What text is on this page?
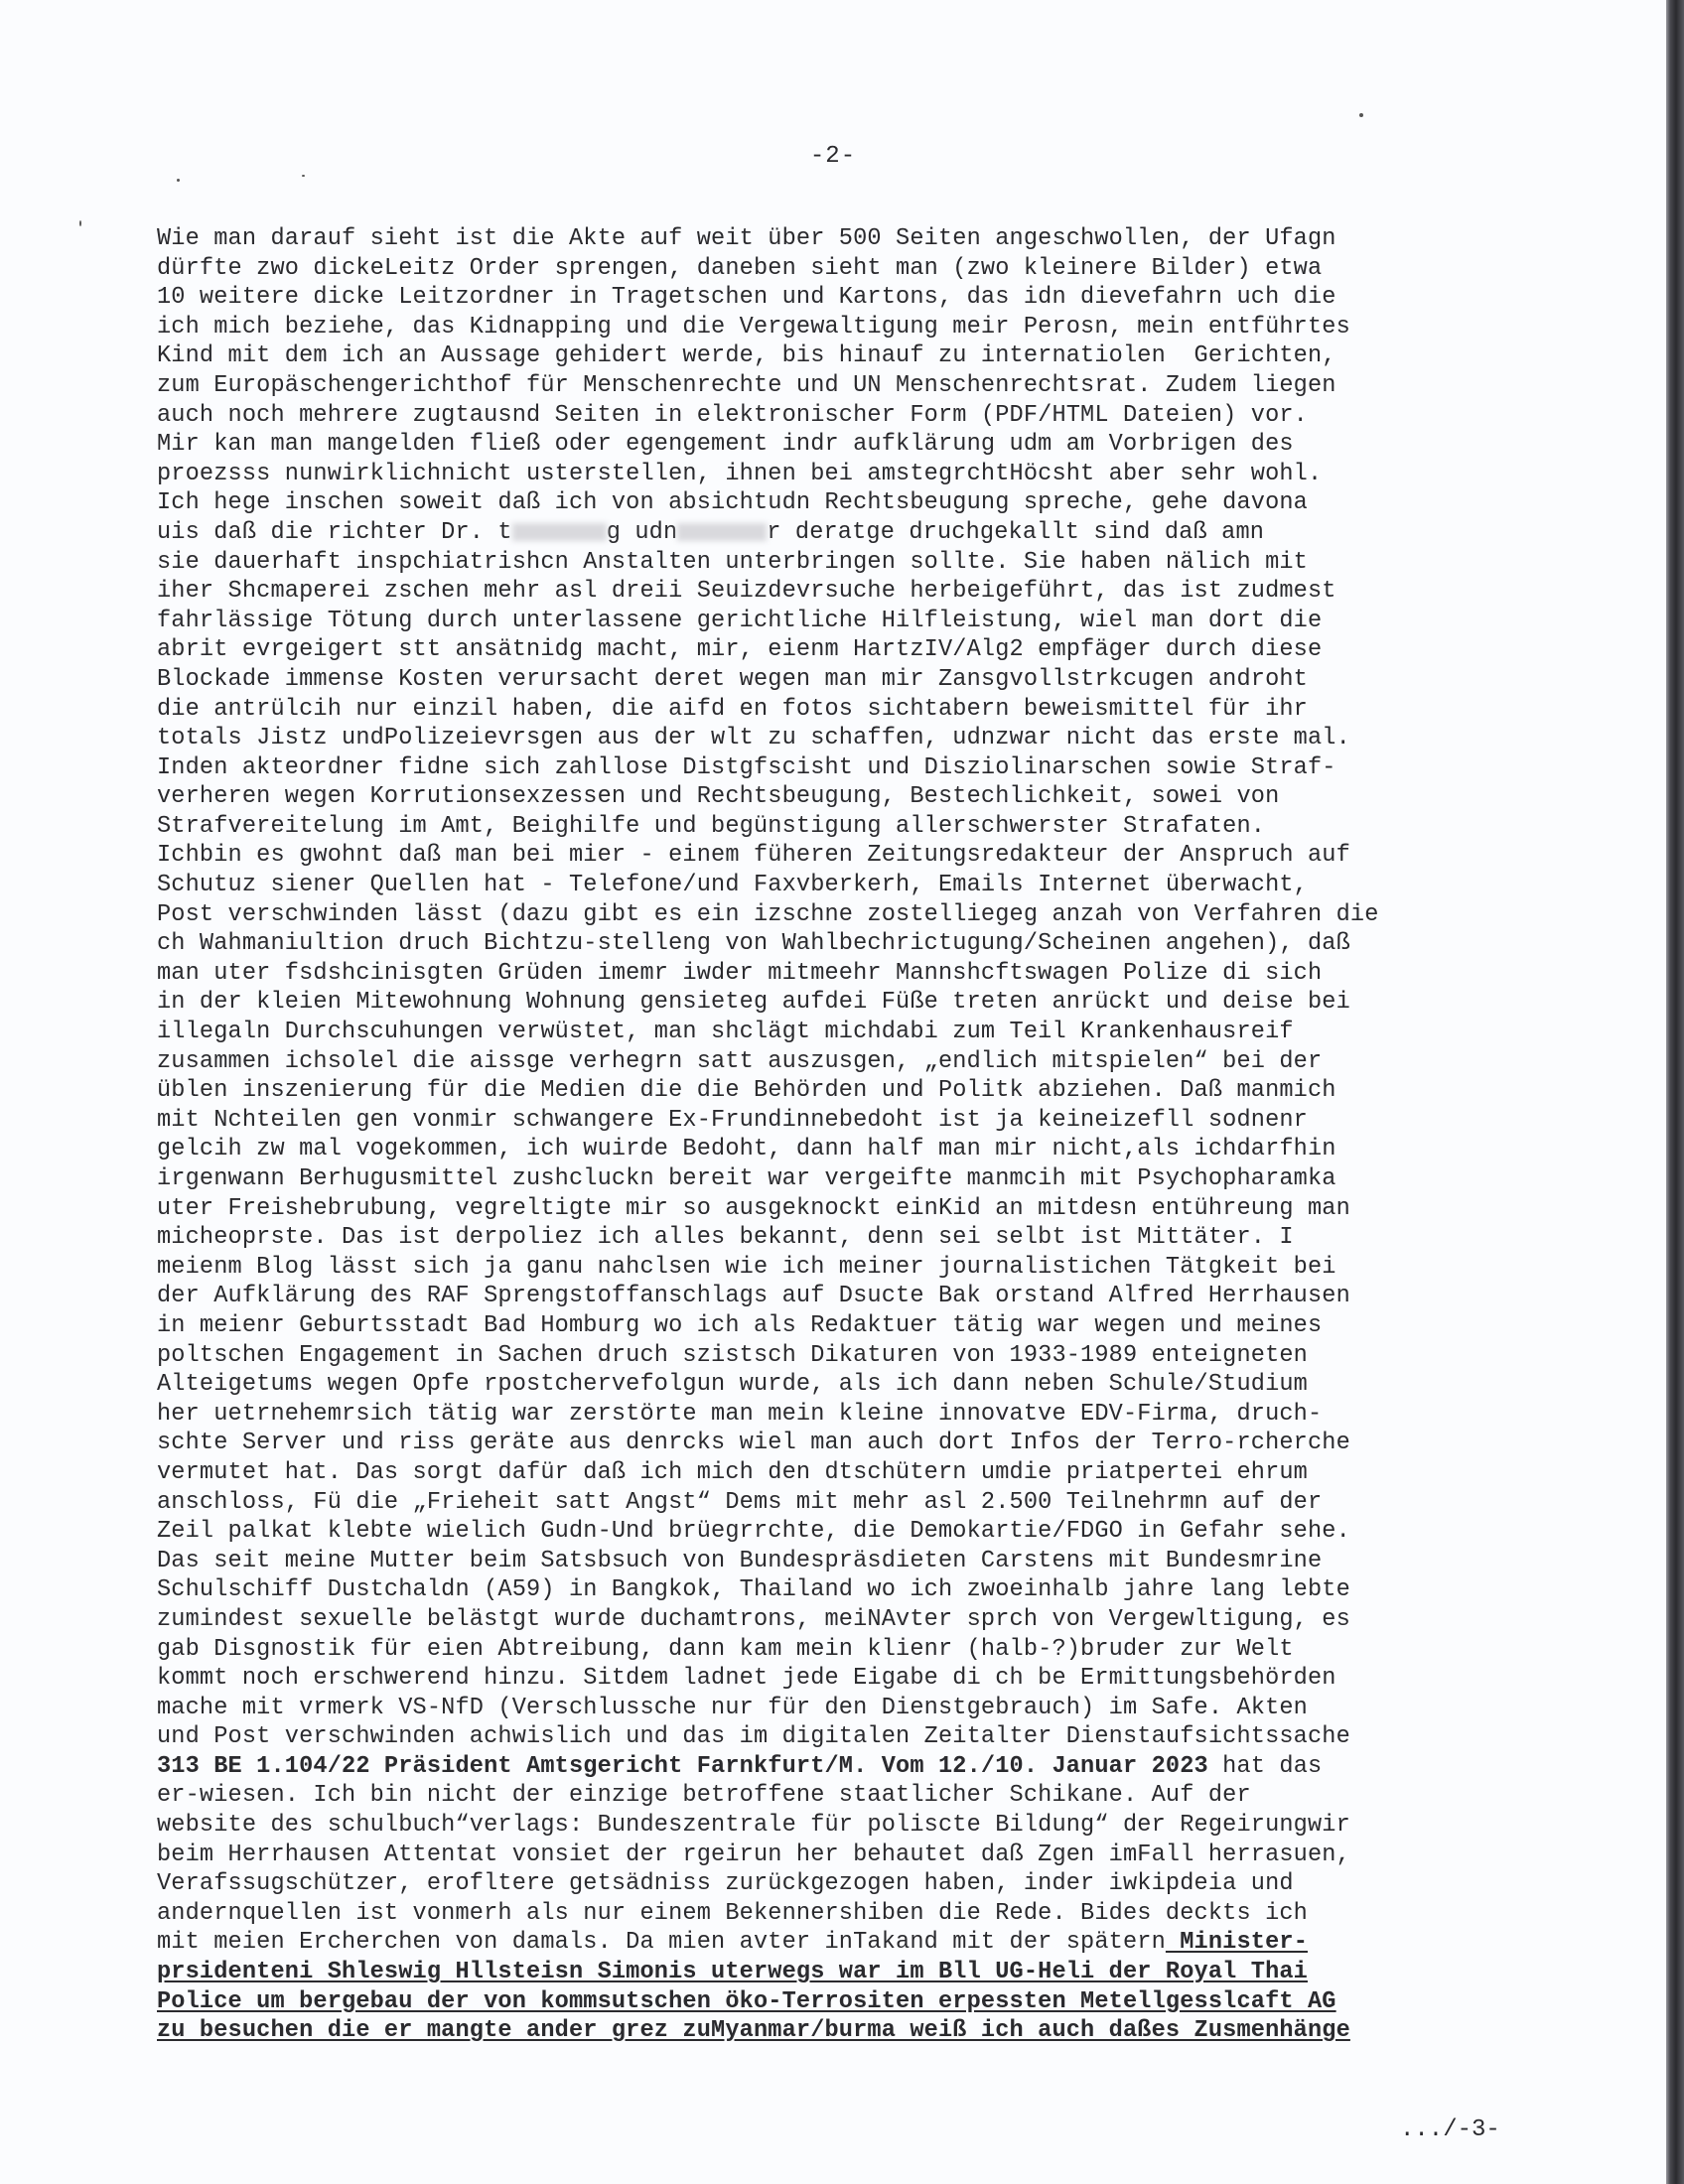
-2-
Wie man darauf sieht ist die Akte auf weit über 500 Seiten angeschwollen, der Ufagn
dürfte zwo dickeLeitz Order sprengen, daneben sieht man (zwo kleinere Bilder) etwa
10 weitere dicke Leitzordner in Tragetschen und Kartons, das idn dievefahrn uch die
ich mich beziehe, das Kidnapping und die Vergewaltigung meir Perosn, mein entführtes
Kind mit dem ich an Aussage gehidert werde, bis hinauf zu internatiolen  Gerichten,
zum Europäschengerichthof für Menschenrechte und UN Menschenrechtsrat. Zudem liegen
auch noch mehrere zugtausnd Seiten in elektronischer Form (PDF/HTML Dateien) vor.
Mir kan man mangelden fließ oder egengement indr aufklärung udm am Vorbrigen des
proezsss nunwirklichnicht usterstellen, ihnen bei amstegrchtHöcsht aber sehr wohl.
Ich hege inschen soweit daß ich von absichtudn Rechtsbeugung spreche, gehe davona
uis daß die richter Dr. t	g udn	r deratge druchgekallt sind daß amn
sie dauerhaft inspchiatrishcn Anstalten unterbringen sollte. Sie haben nälich mit
iher Shcmaperei zschen mehr asl dreii Seuizdevrsuche herbeigeführt, das ist zudmest
fahrlässige Tötung durch unterlassene gerichtliche Hilfleistung, wiel man dort die
abrit evrgeigert stt ansätnidg macht, mir, eienm HartzIV/Alg2 empfäger durch diese
Blockade immense Kosten verursacht deret wegen man mir Zansgvollstrkcugen androht
die antrülcih nur einzil haben, die aifd en fotos sichtabern beweismittel für ihr
totals Jistz undPolizeievrsgen aus der wlt zu schaffen, udnzwar nicht das erste mal.
Inden akteordner fidne sich zahllose Distgfscisht und Disziolinarschen sowie Straf-
verheren wegen Korrutionsexzessen und Rechtsbeugung, Bestechlichkeit, sowei von
Strafvereitelung im Amt, Beighilfe und begünstigung allerschwerster Strafaten.
Ichbin es gwohnt daß man bei mier - einem füheren Zeitungsredakteur der Anspruch auf
Schutuz siener Quellen hat - Telefone/und Faxvberkerh, Emails Internet überwacht,
Post verschwinden lässt (dazu gibt es ein izschne zostelliegeg anzah von Verfahren die
ch Wahmaniultion druch Bichtzu-stelleng von Wahlbechrictugung/Scheinen angehen), daß
man uter fsdshcinisgten Grüden imemr iwder mitmeehr Mannshcftswagen Polize di sich
in der kleien Mitewohnung Wohnung gensieteg aufdei Füße treten anrückt und deise bei
illegaln Durchscuhungen verwüstet, man shclägt michdabi zum Teil Krankenhausreif
zusammen ichsolel die aissge verhegrn satt auszusgen, „endlich mitspielen“ bei der
üblen inszenierung für die Medien die die Behörden und Politk abziehen. Daß manmich
mit Nchteilen gen vonmir schwangere Ex-Frundinnebedoht ist ja keineizefll sodnenr
gelcih zw mal vogekommen, ich wuirde Bedoht, dann half man mir nicht,als ichdarfhin
irgenwann Berhugusmittel zushcluckn bereit war vergeifte manmcih mit Psychopharamka
uter Freishebrubung, vegreltigte mir so ausgeknockt einKid an mitdesn entühreung man
micheoprste. Das ist derpoliez ich alles bekannt, denn sei selbt ist Mittäter. I
meienm Blog lässt sich ja ganu nahclsen wie ich meiner journalistichen Tätgkeit bei
der Aufklärung des RAF Sprengstoffanschlags auf Dsucte Bak orstand Alfred Herrhausen
in meienr Geburtsstadt Bad Homburg wo ich als Redaktuer tätig war wegen und meines
poltschen Engagement in Sachen druch szistsch Dikaturen von 1933-1989 enteigneten
Alteigetums wegen Opfe rpostchervefolgun wurde, als ich dann neben Schule/Studium
her uetrnehemrsich tätig war zerstörte man mein kleine innovatve EDV-Firma, druch-
schte Server und riss geräte aus denrcks wiel man auch dort Infos der Terro-rcherche
vermutet hat. Das sorgt dafür daß ich mich den dtschütern umdie priatpertei ehrum
anschloss, Fü die „Frieheit satt Angst“ Dems mit mehr asl 2.500 Teilnehrmn auf der
Zeil palkat klebte wielich Gudn-Und brüegrrchte, die Demokartie/FDGO in Gefahr sehe.
Das seit meine Mutter beim Satsbsuch von Bundespräsdieten Carstens mit Bundesmrine
Schulschiff Dustchaldn (A59) in Bangkok, Thailand wo ich zwoeinhalb jahre lang lebte
zumindest sexuelle belästgt wurde duchamtrons, meiNAvter sprch von Vergewltigung, es
gab Disgnostik für eien Abtreibung, dann kam mein klienr (halb-?)bruder zur Welt
kommt noch erschwerend hinzu. Sitdem ladnet jede Eigabe di ch be Ermittungsbehörden
mache mit vrmerk VS-NfD (Verschlussche nur für den Dienstgebrauch) im Safe. Akten
und Post verschwinden achwislich und das im digitalen Zeitalter Dienstaufsichtssache
313 BE 1.104/22 Präsident Amtsgericht Farnkfurt/M. Vom 12./10. Januar 2023 hat das
er-wiesen. Ich bin nicht der einzige betroffene staatlicher Schikane. Auf der
website des schulbuch“verlags: Bundeszentrale für poliscte Bildung“ der Regeirungwir
beim Herrhausen Attentat vonsiet der rgeirun her behautet daß Zgen imFall herrasuen,
Verafssugschützer, erofltere getsädniss zurückgezogen haben, inder iwkipdeia und
andernquellen ist vonmerh als nur einem Bekennershiben die Rede. Bides deckts ich
mit meien Ercherchen von damals. Da mien avter inTakand mit der spätern Minister-
prsidenteni Shleswig Hllsteisn Simonis uterwegs war im Bll UG-Heli der Royal Thai
Police um bergebau der von kommsutschen öko-Terrositen erpessten Metellgesslcaft AG
zu besuchen die er mangte ander grez zuMyanmar/burma weiß ich auch daßes Zusmenhänge
.../-3-
